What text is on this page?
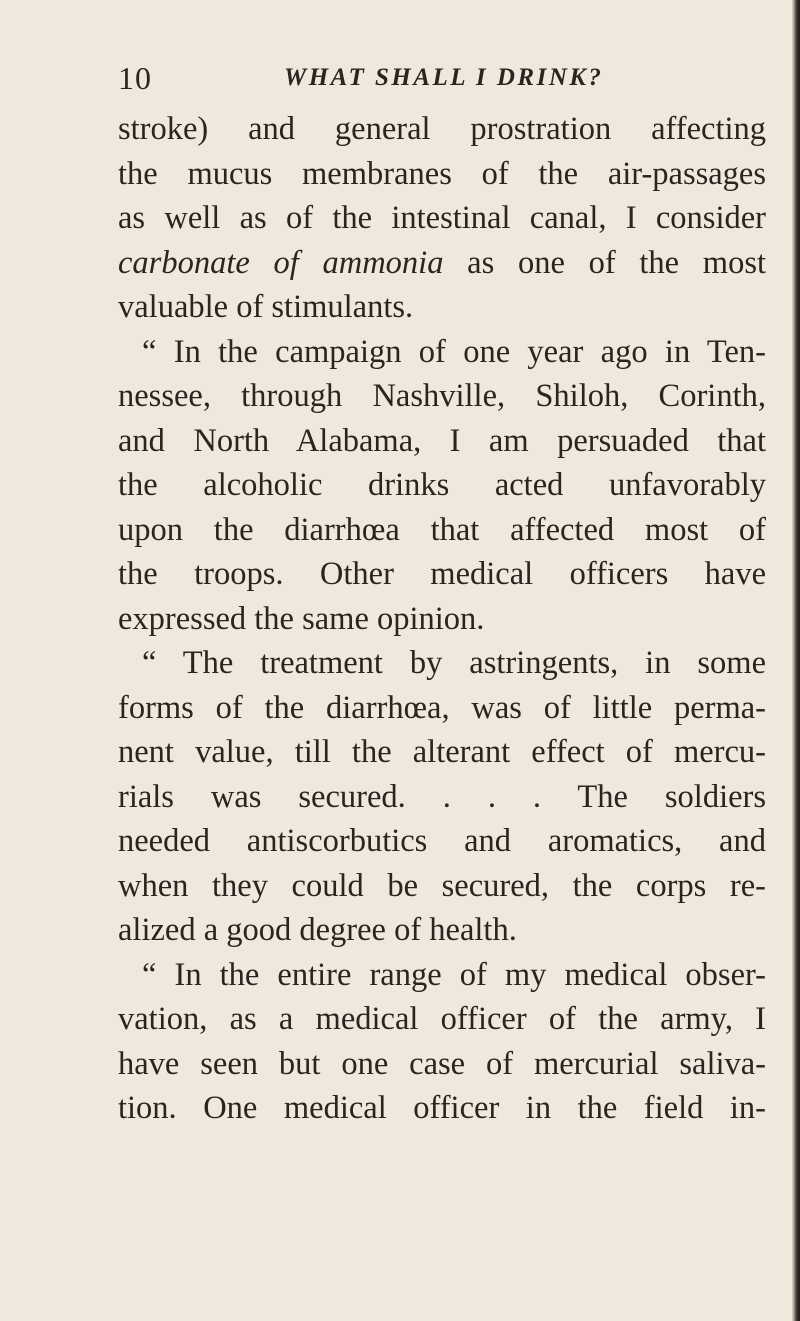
10	WHAT SHALL I DRINK?
stroke) and general prostration affecting
the mucus membranes of the air-passages
as well as of the intestinal canal, I consider
carbonate of ammonia as one of the most
valuable of stimulants.
“ In the campaign of one year ago in Ten-
nessee, through Nashville, Shiloh, Corinth,
and North Alabama, I am persuaded that
the alcoholic drinks acted unfavorably
upon the diarrhœa that affected most of
the troops. Other medical officers have
expressed the same opinion.
“ The treatment by astringents, in some
forms of the diarrhœa, was of little perma-
nent value, till the alterant effect of mercu-
rials was secured. . . . The soldiers
needed antiscorbutics and aromatics, and
when they could be secured, the corps re-
alized a good degree of health.
“ In the entire range of my medical obser-
vation, as a medical officer of the army, I
have seen but one case of mercurial saliva-
tion. One medical officer in the field in-
